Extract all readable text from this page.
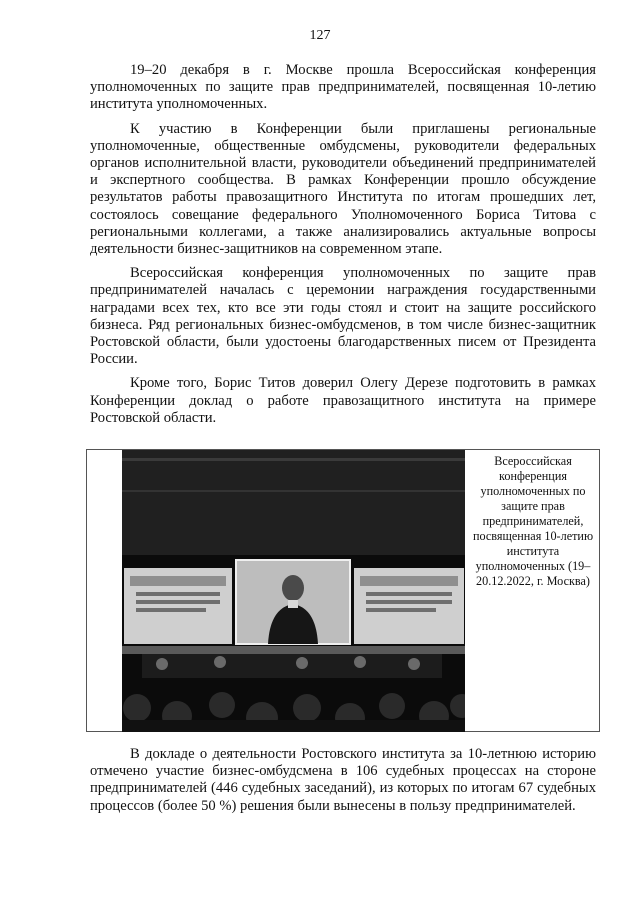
127

19–20 декабря в г. Москве прошла Всероссийская конференция уполномоченных по защите прав предпринимателей, посвященная 10-летию института уполномоченных.

К участию в Конференции были приглашены региональные уполномоченные, общественные омбудсмены, руководители федеральных органов исполнительной власти, руководители объединений предпринимателей и экспертного сообщества. В рамках Конференции прошло обсуждение результатов работы правозащитного Института по итогам прошедших лет, состоялось совещание федерального Уполномоченного Бориса Титова с региональными коллегами, а также анализировались актуальные вопросы деятельности бизнес-защитников на современном этапе.

Всероссийская конференция уполномоченных по защите прав предпринимателей началась с церемонии награждения государственными наградами всех тех, кто все эти годы стоял и стоит на защите российского бизнеса. Ряд региональных бизнес-омбудсменов, в том числе бизнес-защитник Ростовской области, были удостоены благодарственных писем от Президента России.

Кроме того, Борис Титов доверил Олегу Дерезе подготовить в рамках Конференции доклад о работе правозащитного института на примере Ростовской области.

Всероссийская конференция уполномоченных по защите прав предпринимателей, посвященная 10-летию института уполномоченных (19–20.12.2022, г. Москва)

В докладе о деятельности Ростовского института за 10-летнюю историю отмечено участие бизнес-омбудсмена в 106 судебных процессах на стороне предпринимателей (446 судебных заседаний), из которых по итогам 67 судебных процессов (более 50 %) решения были вынесены в пользу предпринимателей.
